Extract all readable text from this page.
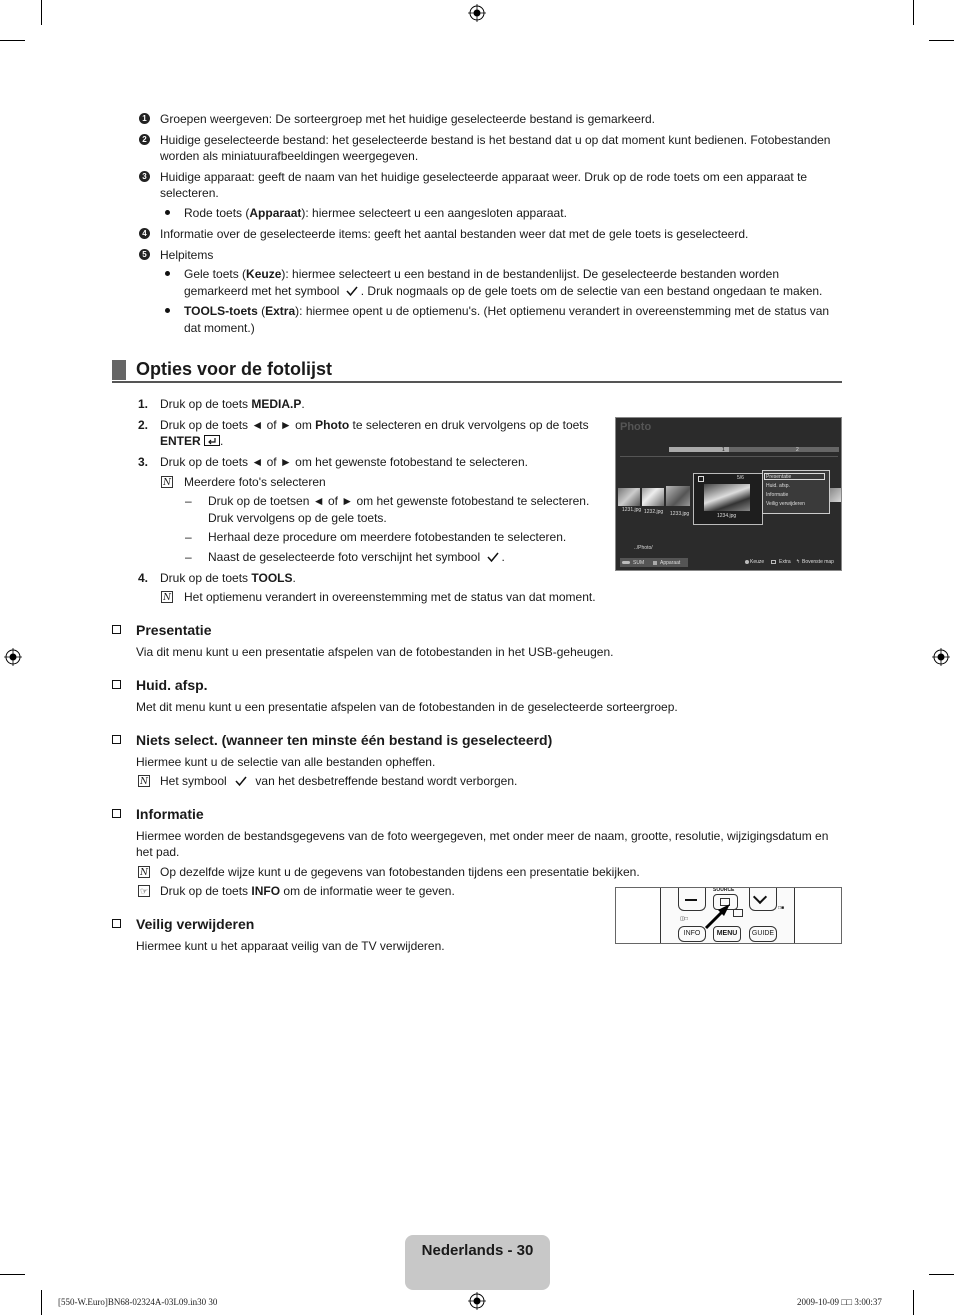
1 Groepen weergeven: De sorteergroep met het huidige geselecteerde bestand is gemarkeerd.
2 Huidige geselecteerde bestand: het geselecteerde bestand is het bestand dat u op dat moment kunt bedienen. Fotobestanden
worden als miniatuurafbeeldingen weergegeven.
3 Huidige apparaat: geeft de naam van het huidige geselecteerde apparaat weer. Druk op de rode toets om een apparaat te
selecteren.
Rode toets (Apparaat): hiermee selecteert u een aangesloten apparaat.
4 Informatie over de geselecteerde items: geeft het aantal bestanden weer dat met de gele toets is geselecteerd.
5 Helpitems
Gele toets (Keuze): hiermee selecteert u een bestand in de bestandenlijst. De geselecteerde bestanden worden
gemarkeerd met het symbool . Druk nogmaals op de gele toets om de selectie van een bestand ongedaan te maken.
TOOLS-toets (Extra): hiermee opent u de optiemenu's. (Het optiemenu verandert in overeenstemming met de status van
dat moment.)
Opties voor de fotolijst
1. Druk op de toets MEDIA.P.
2. Druk op de toets ◄ of ► om Photo te selecteren en druk vervolgens op de toets
ENTER .
3. Druk op de toets ◄ of ► om het gewenste fotobestand te selecteren.
N Meerdere foto's selecteren
– Druk op de toetsen ◄ of ► om het gewenste fotobestand te selecteren.
Druk vervolgens op de gele toets.
– Herhaal deze procedure om meerdere fotobestanden te selecteren.
– Naast de geselecteerde foto verschijnt het symbool .
4. Druk op de toets TOOLS.
N Het optiemenu verandert in overeenstemming met de status van dat moment.
Photo
1	2
1231.jpg 1232.jpg 1233.jpg
5/6
1234.jpg
Presentatie
Huid. afsp.
Informatie
Veilig verwijderen
../Photo/
SUM	Apparaat	Keuze	Extra ↰ Bovenste map
Presentatie
Via dit menu kunt u een presentatie afspelen van de fotobestanden in het USB-geheugen.
Huid. afsp.
Met dit menu kunt u een presentatie afspelen van de fotobestanden in de geselecteerde sorteergroep.
Niets select. (wanneer ten minste één bestand is geselecteerd)
Hiermee kunt u de selectie van alle bestanden opheffen.
N Het symbool van het desbetreffende bestand wordt verborgen.
Informatie
Hiermee worden de bestandsgegevens van de foto weergegeven, met onder meer de naam, grootte, resolutie, wijzigingsdatum en
het pad.
N Op dezelfde wijze kunt u de gegevens van fotobestanden tijdens een presentatie bekijken.
☞ Druk op de toets INFO om de informatie weer te geven.
Veilig verwijderen
Hiermee kunt u het apparaat veilig van de TV verwijderen.
SOURCE
□■
◫□
INFO	MENU	GUIDE
Nederlands - 30
[550-W.Euro]BN68-02324A-03L09.in30 30	2009-10-09 □□ 3:00:37
